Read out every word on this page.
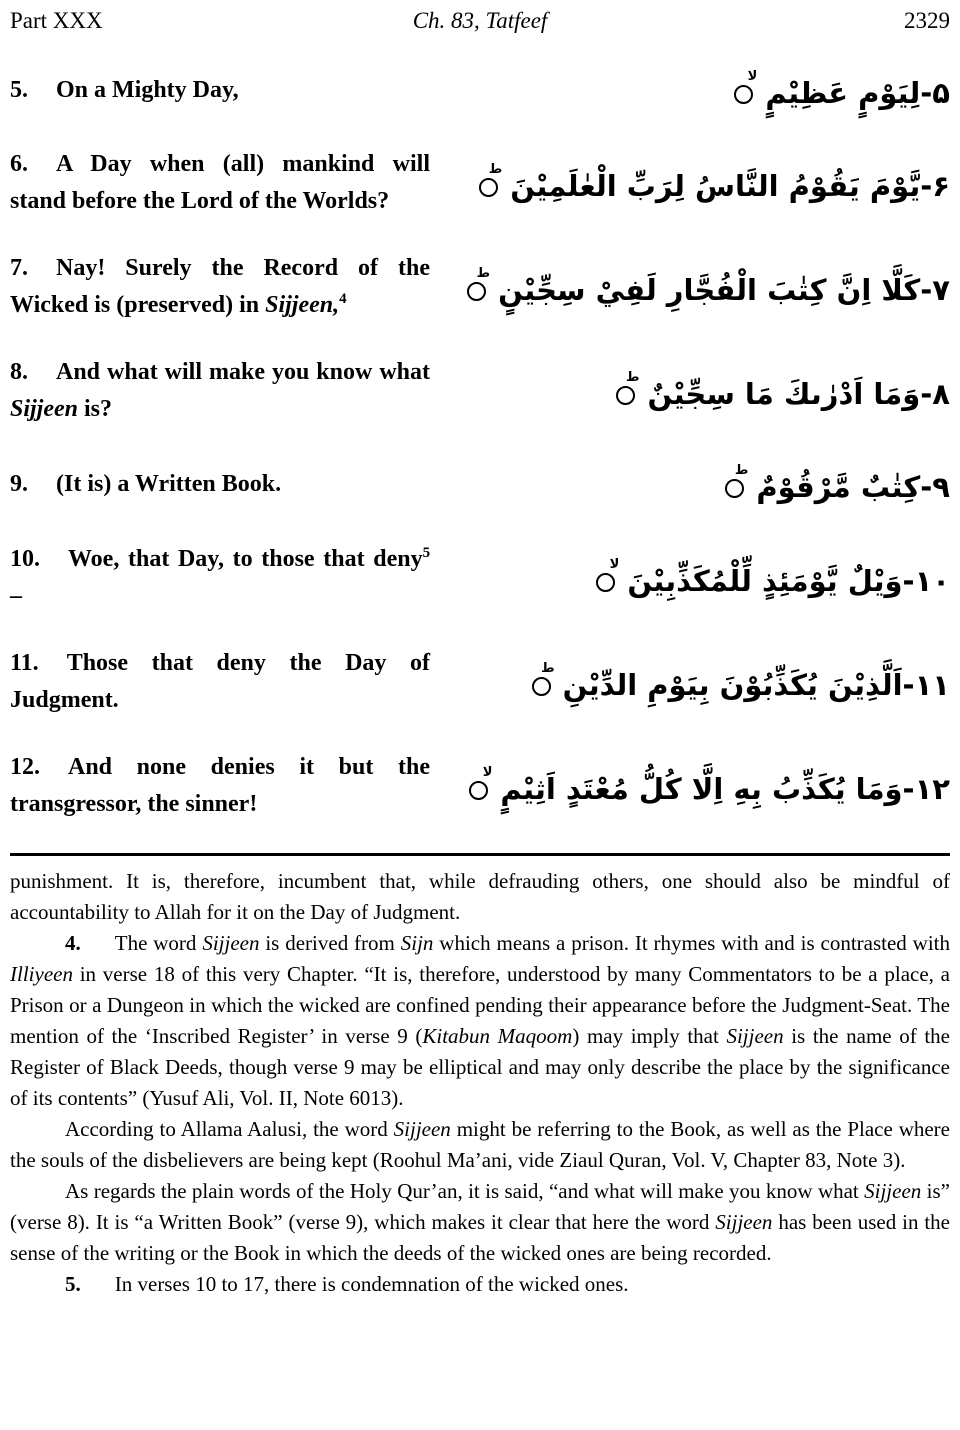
Part XXX	Ch. 83, Tatfeef	2329

5. On a Mighty Day,	۵-لِيَوْمٍ عَظِيْمٍ
لا

6. A Day when (all) mankind will stand before the Lord of the Worlds?	۶-يَّوْمَ يَقُوْمُ النَّاسُ لِرَبِّ الْعٰلَمِيْنَ
ط

7. Nay! Surely the Record of the Wicked is (preserved) in Sijjeen,$^4$	۷-كَلَّا اِنَّ كِتٰبَ الْفُجَّارِ لَفِيْ سِجِّيْنٍ
ط

8. And what will make you know what Sijjeen is?	۸-وَمَا اَدْرٰىكَ مَا سِجِّيْنٌ
ط

9. (It is) a Written Book.	۹-كِتٰبٌ مَّرْقُوْمٌ
ط

10. Woe, that Day, to those that deny$^5$ –	۱۰-وَيْلٌ يَّوْمَئِذٍ لِّلْمُكَذِّبِيْنَ
لا

11. Those that deny the Day of Judgment.	۱۱-اَلَّذِيْنَ يُكَذِّبُوْنَ بِيَوْمِ الدِّيْنِ
ط

12. And none denies it but the transgressor, the sinner!	۱۲-وَمَا يُكَذِّبُ بِهِ اِلَّا كُلُّ مُعْتَدٍ اَثِيْمٍ
لا

punishment. It is, therefore, incumbent that, while defrauding others, one should also be mindful of accountability to Allah for it on the Day of Judgment.

4. The word Sijjeen is derived from Sijn which means a prison. It rhymes with and is contrasted with Illiyeen in verse 18 of this very Chapter. “It is, therefore, understood by many Commentators to be a place, a Prison or a Dungeon in which the wicked are confined pending their appearance before the Judgment-Seat. The mention of the ‘Inscribed Register’ in verse 9 (Kitabun Maqoom) may imply that Sijjeen is the name of the Register of Black Deeds, though verse 9 may be elliptical and may only describe the place by the significance of its contents” (Yusuf Ali, Vol. II, Note 6013).

According to Allama Aalusi, the word Sijjeen might be referring to the Book, as well as the Place where the souls of the disbelievers are being kept (Roohul Ma’ani, vide Ziaul Quran, Vol. V, Chapter 83, Note 3).

As regards the plain words of the Holy Qur’an, it is said, “and what will make you know what Sijjeen is” (verse 8). It is “a Written Book” (verse 9), which makes it clear that here the word Sijjeen has been used in the sense of the writing or the Book in which the deeds of the wicked ones are being recorded.

5. In verses 10 to 17, there is condemnation of the wicked ones.
